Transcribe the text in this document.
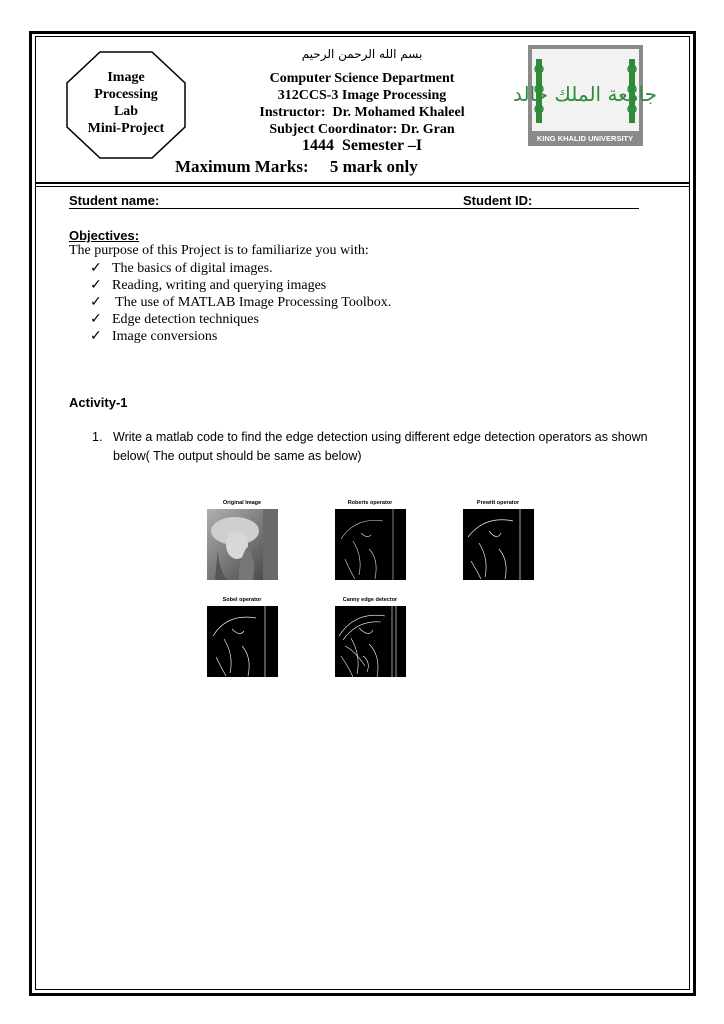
Image
Processing
Lab
Mini-Project
بسم الله الرحمن الرحيم
Computer Science Department
312CCS-3 Image Processing
Instructor:  Dr. Mohamed Khaleel
Subject Coordinator: Dr. Gran
1444  Semester –I
Maximum Marks:     5 mark only
جامعة الملك خالد
KING KHALID UNIVERSITY
Student name:	Student ID:
Objectives:
The purpose of this Project is to familiarize you with:
✓ The basics of digital images.
✓ Reading, writing and querying images
✓ The use of MATLAB Image Processing Toolbox.
✓ Edge detection techniques
✓ Image conversions
Activity-1
1. Write a matlab code to find the edge detection using different edge detection operators as shown below( The output should be same as below)
Original Image	Roberts operator	Prewitt operator
Sobel operator	Canny edge detector
